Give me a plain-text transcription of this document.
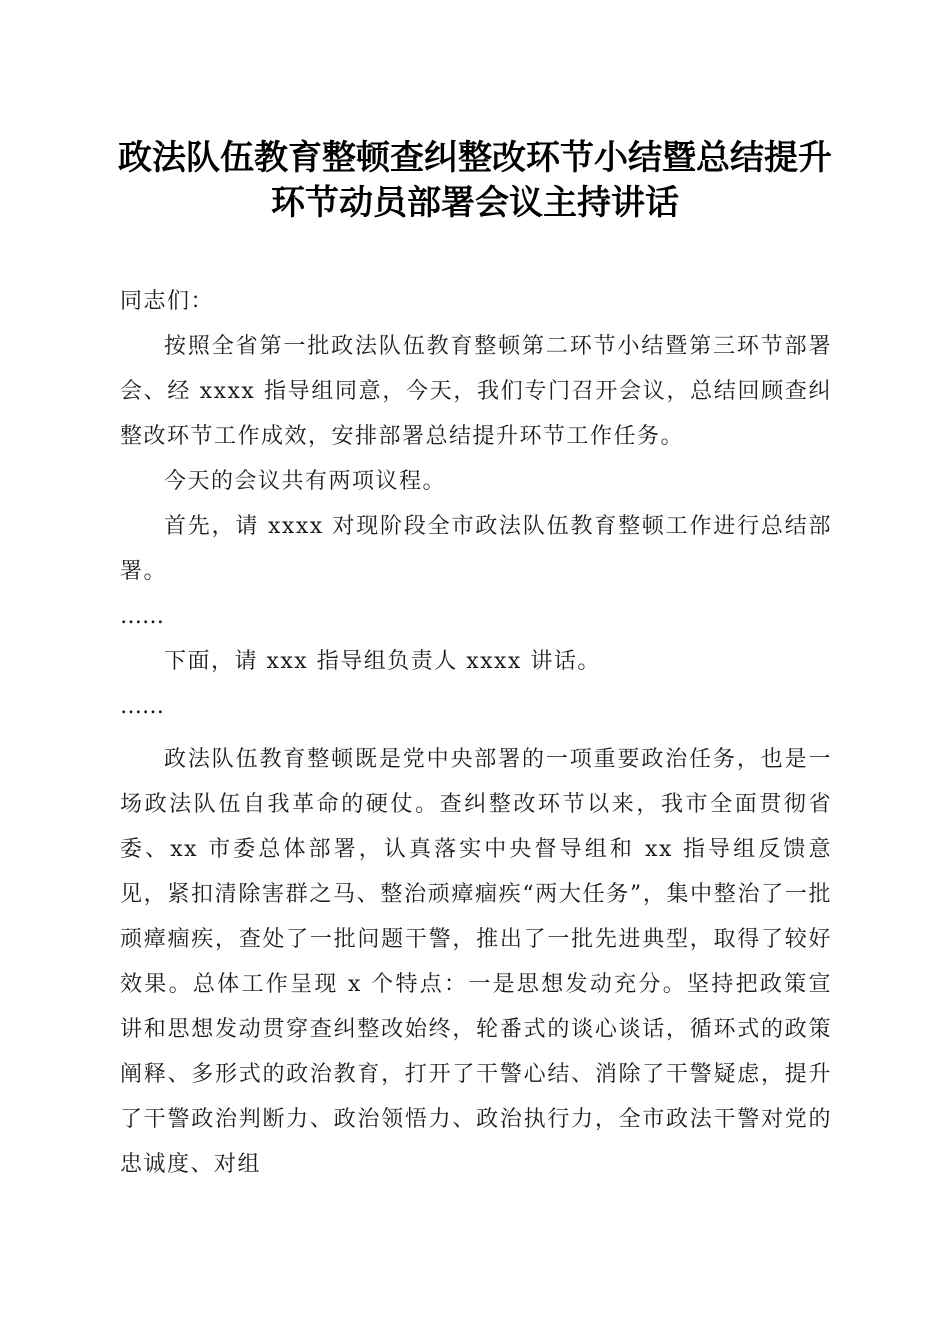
政法队伍教育整顿查纠整改环节小结暨总结提升环节动员部署会议主持讲话

同志们：

按照全省第一批政法队伍教育整顿第二环节小结暨第三环节部署会、经 xxxx 指导组同意，今天，我们专门召开会议，总结回顾查纠整改环节工作成效，安排部署总结提升环节工作任务。

今天的会议共有两项议程。

首先，请 xxxx 对现阶段全市政法队伍教育整顿工作进行总结部署。

……

下面，请 xxx 指导组负责人 xxxx 讲话。

……

政法队伍教育整顿既是党中央部署的一项重要政治任务，也是一场政法队伍自我革命的硬仗。查纠整改环节以来，我市全面贯彻省委、xx 市委总体部署，认真落实中央督导组和 xx 指导组反馈意见，紧扣清除害群之马、整治顽瘴痼疾“两大任务”，集中整治了一批顽瘴痼疾，查处了一批问题干警，推出了一批先进典型，取得了较好效果。总体工作呈现 x 个特点：一是思想发动充分。坚持把政策宣讲和思想发动贯穿查纠整改始终，轮番式的谈心谈话，循环式的政策阐释、多形式的政治教育，打开了干警心结、消除了干警疑虑，提升了干警政治判断力、政治领悟力、政治执行力，全市政法干警对党的忠诚度、对组
